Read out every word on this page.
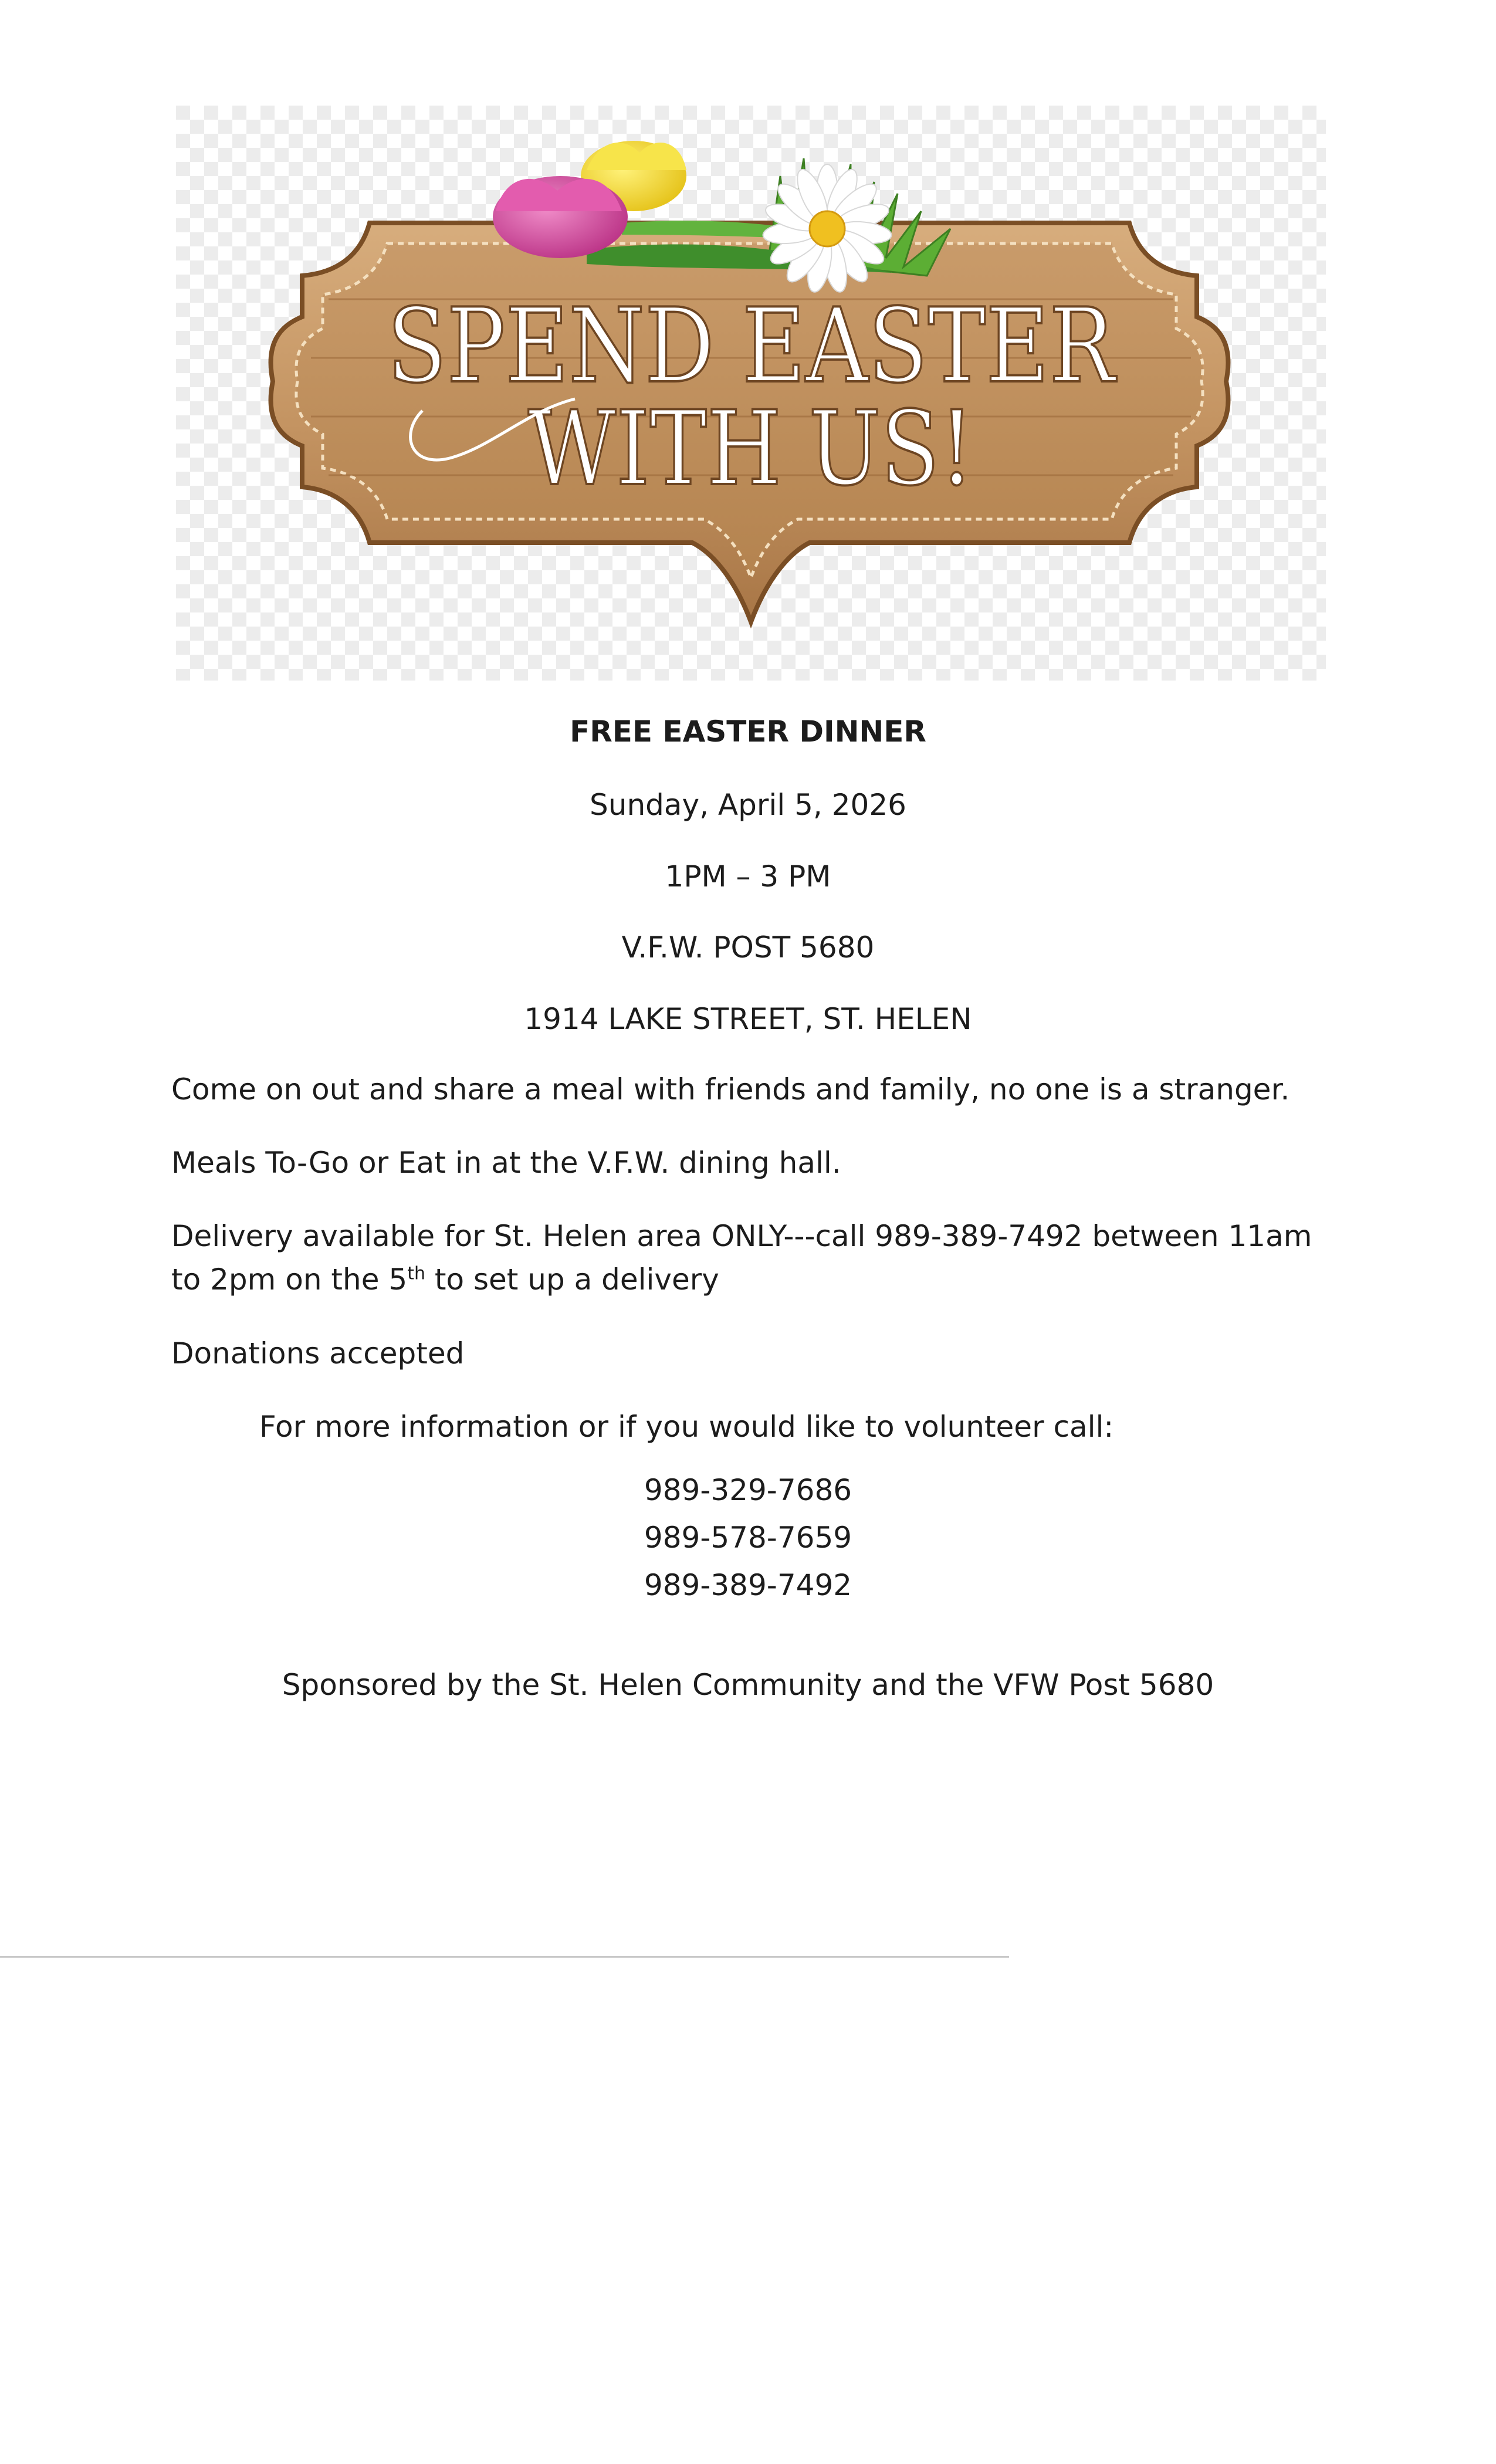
SPEND EASTER
WITH US!
FREE EASTER DINNER
Sunday, April 5, 2026
1PM – 3 PM
V.F.W. POST 5680
1914 LAKE STREET, ST. HELEN
Come on out and share a meal with friends and family, no one is a stranger.
Meals To-Go or Eat in at the V.F.W. dining hall.
Delivery available for St. Helen area ONLY---call 989-389-7492 between 11am to 2pm on the 5th to set up a delivery
Donations accepted
For more information or if you would like to volunteer call:
989-329-7686
989-578-7659
989-389-7492
Sponsored by the St. Helen Community and the VFW Post 5680
